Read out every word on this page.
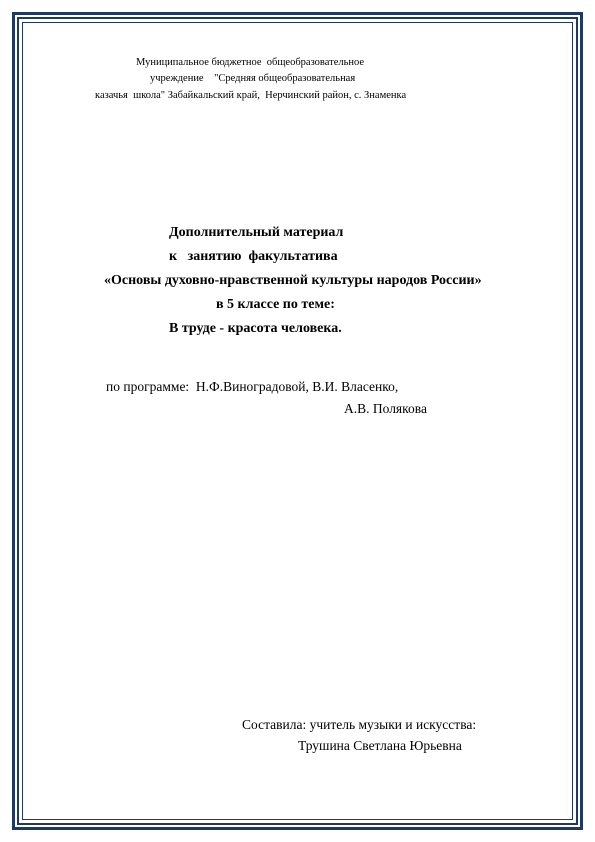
Муниципальное бюджетное  общеобразовательное
учреждение    "Средняя общеобразовательная
казачья  школа" Забайкальский край,  Нерчинский район, с. Знаменка
Дополнительный материал
к   занятию  факультатива
«Основы духовно-нравственной культуры народов России»
в 5 классе по теме:
В труде - красота человека.
по программе:  Н.Ф.Виноградовой, В.И. Власенко,
А.В. Полякова
Составила: учитель музыки и искусства:
Трушина Светлана Юрьевна
